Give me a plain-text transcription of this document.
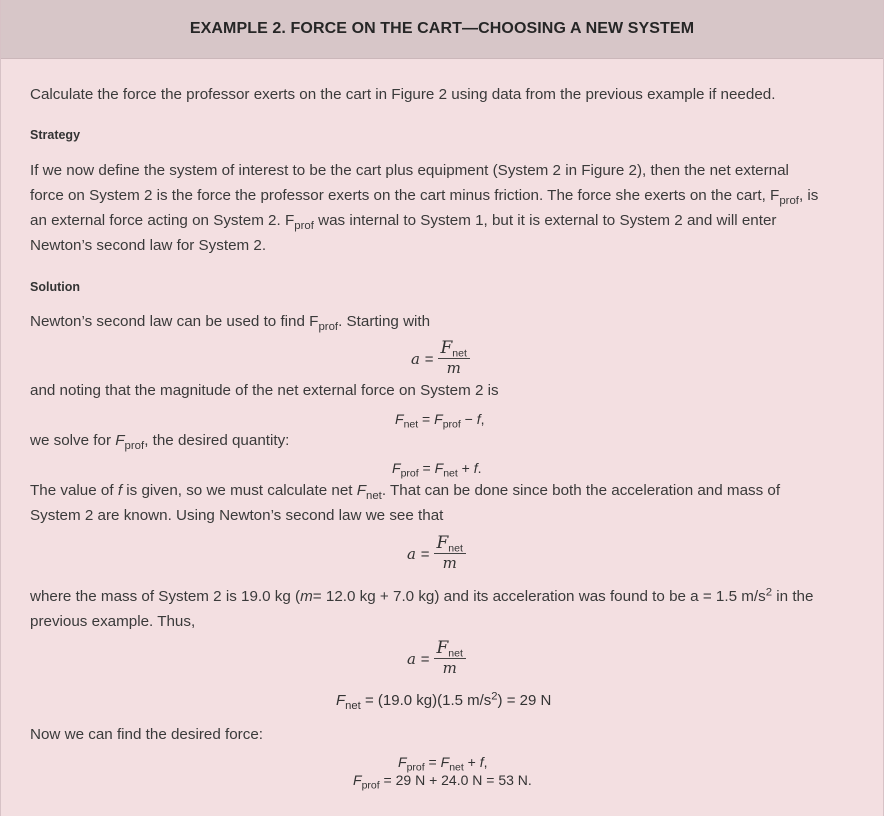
EXAMPLE 2. FORCE ON THE CART—CHOOSING A NEW SYSTEM

Calculate the force the professor exerts on the cart in Figure 2 using data from the previous example if needed.

Strategy

If we now define the system of interest to be the cart plus equipment (System 2 in Figure 2), then the net external

force on System 2 is the force the professor exerts on the cart minus friction. The force she exerts on the cart, $F_{prof}$, is

an external force acting on System 2. $F_{prof}$ was internal to System 1, but it is external to System 2 and will enter

Newton’s second law for System 2.

Solution

Newton’s second law can be used to find $F_{prof}$. Starting with

$a = \frac{F_{net}}{m}$

and noting that the magnitude of the net external force on System 2 is

$F_{net} = F_{prof} - f$,

we solve for $F_{prof}$, the desired quantity:

$F_{prof} = F_{net} + f$.

The value of f is given, so we must calculate net $F_{net}$. That can be done since both the acceleration and mass of

System 2 are known. Using Newton’s second law we see that

$a = \frac{F_{net}}{m}$

where the mass of System 2 is 19.0 kg (m= 12.0 kg + 7.0 kg) and its acceleration was found to be a = 1.5 $m/s^2$ in the

previous example. Thus,

$a = \frac{F_{net}}{m}$
$F_{net} = (19.0$ kg)(1.5 $m/s^2) = 29$ N

Now we can find the desired force:

$F_{prof} = F_{net} + f$,
$F_{prof} = 29$ N + 24.0 N = 53 N.
